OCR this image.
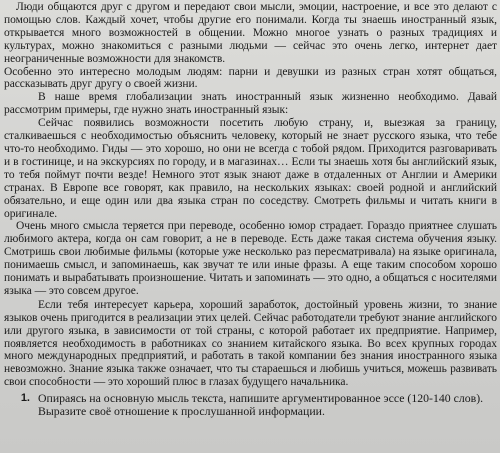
Люди общаются друг с другом и передают свои мысли, эмоции, настроение, и все это делают с помощью слов. Каждый хочет, чтобы другие его понимали. Когда ты знаешь иностранный язык, открывается много возможностей в общении. Можно многое узнать о разных традициях и культурах, можно знакомиться с разными людьми — сейчас это очень легко, интернет дает неограниченные возможности для знакомств.

Особенно это интересно молодым людям: парни и девушки из разных стран хотят общаться, рассказывать друг другу о своей жизни.

В наше время глобализации знать иностранный язык жизненно необходимо. Давай рассмотрим примеры, где нужно знать иностранный язык:

Сейчас появились возможности посетить любую страну, и, выезжая за границу, сталкиваешься с необходимостью объяснить человеку, который не знает русского языка, что тебе что-то необходимо. Гиды — это хорошо, но они не всегда с тобой рядом. Приходится разговаривать и в гостинице, и на экскурсиях по городу, и в магазинах… Если ты знаешь хотя бы английский язык, то тебя поймут почти везде! Немного этот язык знают даже в отдаленных от Англии и Америки странах. В Европе все говорят, как правило, на нескольких языках: своей родной и английский обязательно, и еще один или два языка стран по соседству. Смотреть фильмы и читать книги в оригинале.

Очень много смысла теряется при переводе, особенно юмор страдает. Гораздо приятнее слушать любимого актера, когда он сам говорит, а не в переводе. Есть даже такая система обучения языку. Смотришь свои любимые фильмы (которые уже несколько раз пересматривала) на языке оригинала, понимаешь смысл, и запоминаешь, как звучат те или иные фразы. А еще таким способом хорошо понимать и вырабатывать произношение. Читать и запоминать — это одно, а общаться с носителями языка — это совсем другое.

Если тебя интересует карьера, хороший заработок, достойный уровень жизни, то знание языков очень пригодится в реализации этих целей. Сейчас работодатели требуют знание английского или другого языка, в зависимости от той страны, с которой работает их предприятие. Например, появляется необходимость в работниках со знанием китайского языка. Во всех крупных городах много международных предприятий, и работать в такой компании без знания иностранного языка невозможно. Знание языка также означает, что ты стараешься и любишь учиться, можешь развивать свои способности — это хороший плюс в глазах будущего начальника.

1. Опираясь на основную мысль текста, напишите аргументированное эссе (120-140 слов). Выразите своё отношение к прослушанной информации.
